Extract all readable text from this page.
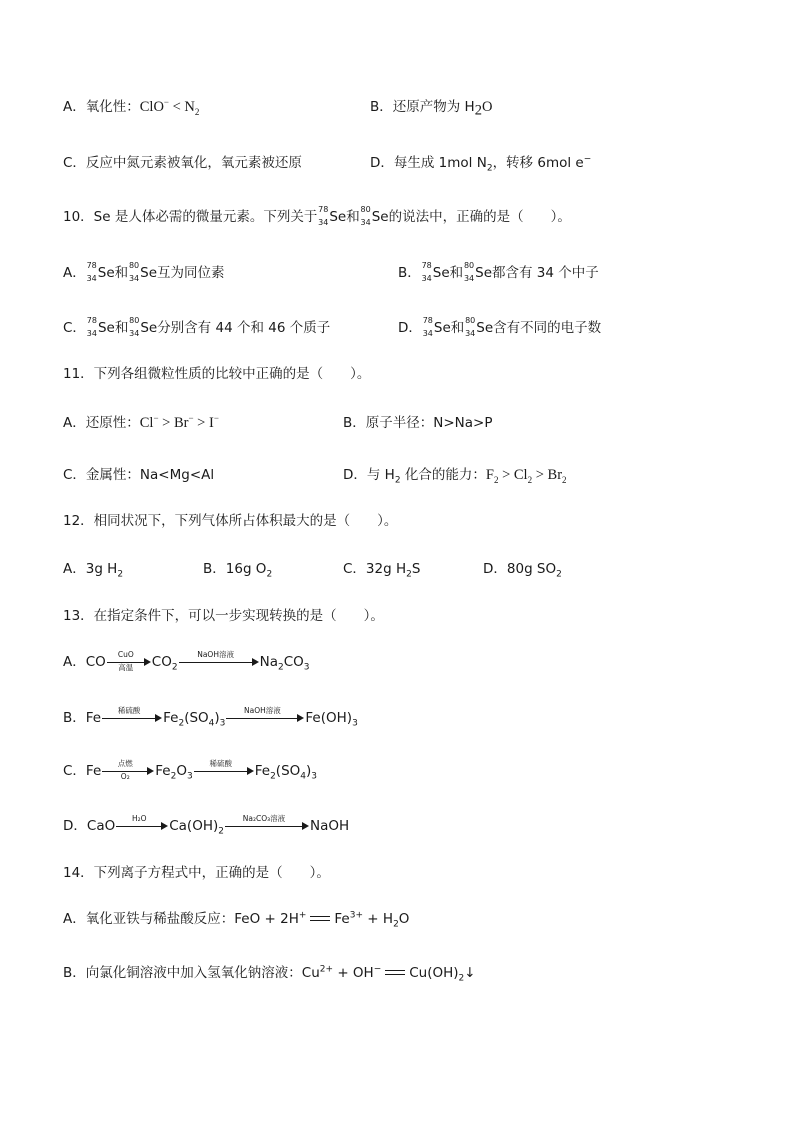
A．氧化性：$ClO^- < N_2$	B．还原产物为 $H_2O$
C．反应中氮元素被氧化，氧元素被还原	D．每生成 1mol $N_2$，转移 6mol e−
10．Se 是人体必需的微量元素。下列关于 78
34 Se和 80
34 Se的说法中，正确的是（　　）。
A． 78
34 Se和 80
34 Se互为同位素	B． 78
34 Se和 80
34 Se都含有 34 个中子
C． 78
34 Se和 80
34 Se分别含有 44 个和 46 个质子	D． 78
34 Se和 80
34 Se含有不同的电子数
11．下列各组微粒性质的比较中正确的是（　　）。
A．还原性：Cl− > Br− > I−	B．原子半径：N>Na>P
C．金属性：Na<Mg<Al	D．与 $H_2$ 化合的能力：$F_2 > Cl_2 > Br_2$
12．相同状况下，下列气体所占体积最大的是（　　）。
A．3g $H_2$	B．16g $O_2$	C．32g $H_2S$	D．80g $SO_2$
13．在指定条件下，可以一步实现转换的是（　　）。
A．CO	CuO
高温	$CO_2$
NaOH溶液	$Na_2CO_3$
B．Fe	稀硫酸	$Fe_2(SO_4)_3$
NaOH溶液	$Fe(OH)_3$
C．Fe	点燃
O₂	$Fe_2O_3$
稀硫酸	$Fe_2(SO_4)_3$
D．CaO	H₂O	$Ca(OH)_2$
Na₂CO₃溶液	NaOH
14．下列离子方程式中，正确的是（　　）。
A．氧化亚铁与稀盐酸反应：FeO + 2H+ $Fe^{3+} + H_2O$
B．向氯化铜溶液中加入氢氧化钠溶液：$Cu^{2+} + OH^-$ $Cu(OH)_2↓$
